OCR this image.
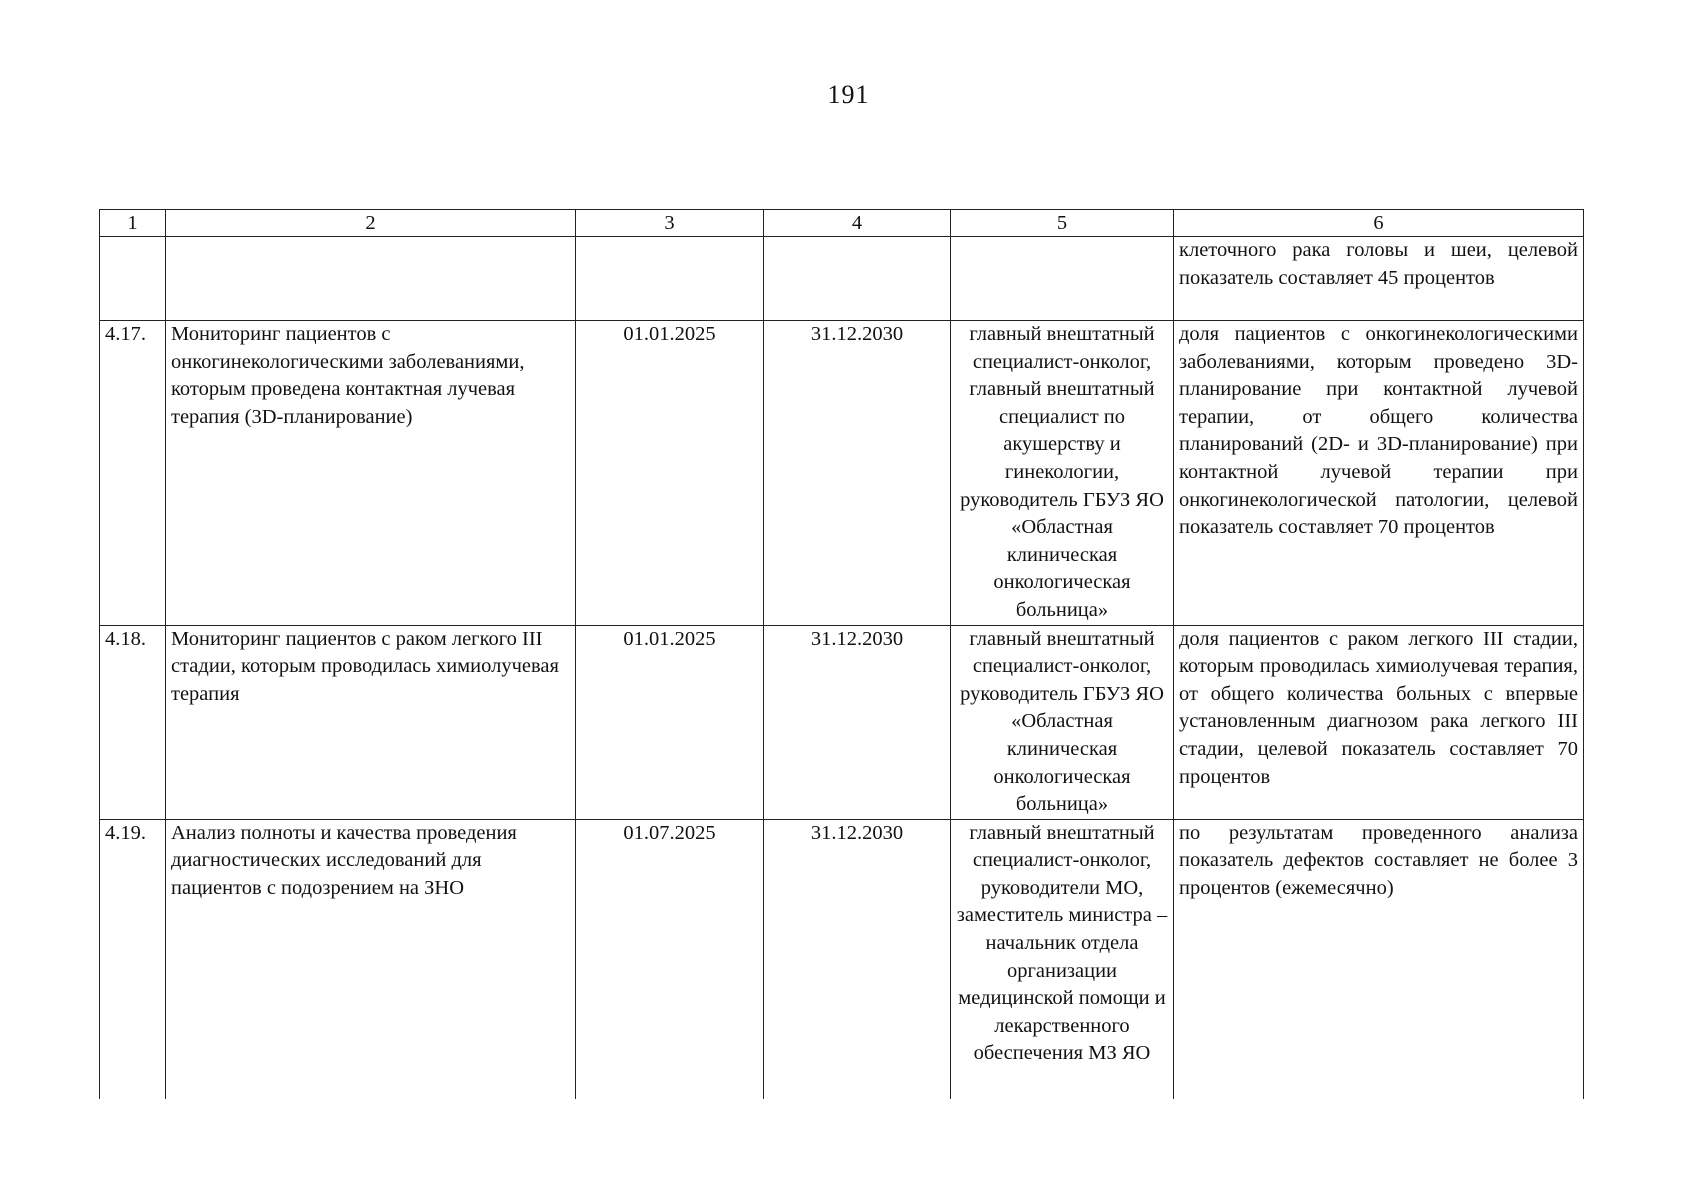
191
1	2	3	4	5	6
					клеточного рака головы и шеи, целевой показатель составляет 45 процентов
4.17.	Мониторинг пациентов с онкогинекологическими заболеваниями, которым проведена контактная лучевая терапия (3D-планирование)	01.01.2025	31.12.2030	главный внештатный специалист-онколог, главный внештатный специалист по акушерству и гинекологии, руководитель ГБУЗ ЯО «Областная клиническая онкологическая больница»	доля пациентов с онкогинекологическими заболеваниями, которым проведено 3D-планирование при контактной лучевой терапии, от общего количества планирований (2D- и 3D-планирование) при контактной лучевой терапии при онкогинекологической патологии, целевой показатель составляет 70 процентов
4.18.	Мониторинг пациентов с раком легкого III стадии, которым проводилась химиолучевая терапия	01.01.2025	31.12.2030	главный внештатный специалист-онколог, руководитель ГБУЗ ЯО «Областная клиническая онкологическая больница»	доля пациентов с раком легкого III стадии, которым проводилась химиолучевая терапия, от общего количества больных с впервые установленным диагнозом рака легкого III стадии, целевой показатель составляет 70 процентов
4.19.	Анализ полноты и качества проведения диагностических исследований для пациентов с подозрением на ЗНО	01.07.2025	31.12.2030	главный внештатный специалист-онколог, руководители МО, заместитель министра – начальник отдела организации медицинской помощи и лекарственного обеспечения МЗ ЯО	по результатам проведенного анализа показатель дефектов составляет не более 3 процентов (ежемесячно)
